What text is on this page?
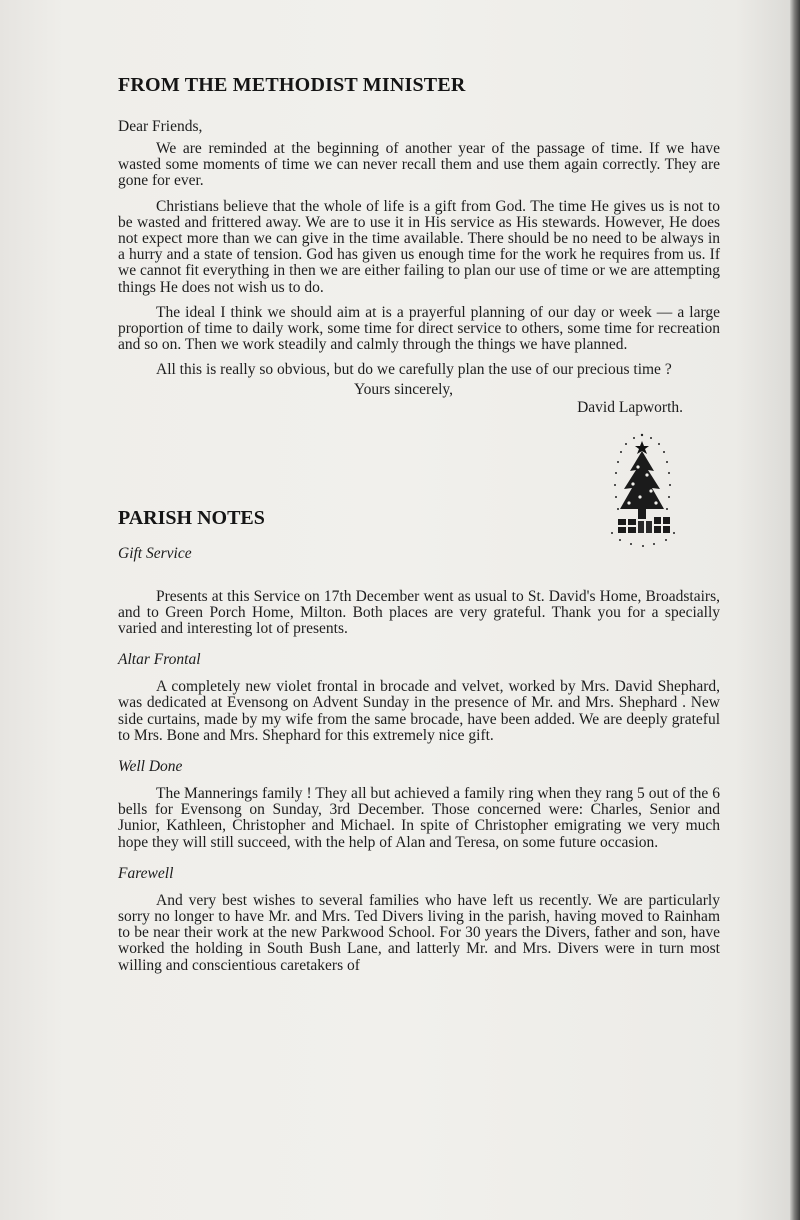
FROM THE METHODIST MINISTER
Dear Friends,

We are reminded at the beginning of another year of the passage of time. If we have wasted some moments of time we can never recall them and use them again correctly. They are gone for ever.

Christians believe that the whole of life is a gift from God. The time He gives us is not to be wasted and frittered away. We are to use it in His service as His stewards. However, He does not expect more than we can give in the time available. There should be no need to be always in a hurry and a state of tension. God has given us enough time for the work he requires from us. If we cannot fit everything in then we are either failing to plan our use of time or we are attempting things He does not wish us to do.

The ideal I think we should aim at is a prayerful planning of our day or week — a large proportion of time to daily work, some time for direct service to others, some time for recreation and so on. Then we work steadily and calmly through the things we have planned.

All this is really so obvious, but do we carefully plan the use of our precious time ?

Yours sincerely,
David Lapworth.
PARISH NOTES
Gift Service

Presents at this Service on 17th December went as usual to St. David's Home, Broadstairs, and to Green Porch Home, Milton. Both places are very grateful. Thank you for a specially varied and interesting lot of presents.

Altar Frontal

A completely new violet frontal in brocade and velvet, worked by Mrs. David Shephard, was dedicated at Evensong on Advent Sunday in the presence of Mr. and Mrs. Shephard . New side curtains, made by my wife from the same brocade, have been added. We are deeply grateful to Mrs. Bone and Mrs. Shephard for this extremely nice gift.

Well Done

The Mannerings family ! They all but achieved a family ring when they rang 5 out of the 6 bells for Evensong on Sunday, 3rd December. Those concerned were: Charles, Senior and Junior, Kathleen, Christopher and Michael. In spite of Christopher emigrating we very much hope they will still succeed, with the help of Alan and Teresa, on some future occasion.

Farewell

And very best wishes to several families who have left us recently. We are particularly sorry no longer to have Mr. and Mrs. Ted Divers living in the parish, having moved to Rainham to be near their work at the new Parkwood School. For 30 years the Divers, father and son, have worked the holding in South Bush Lane, and latterly Mr. and Mrs. Divers were in turn most willing and conscientious caretakers of
